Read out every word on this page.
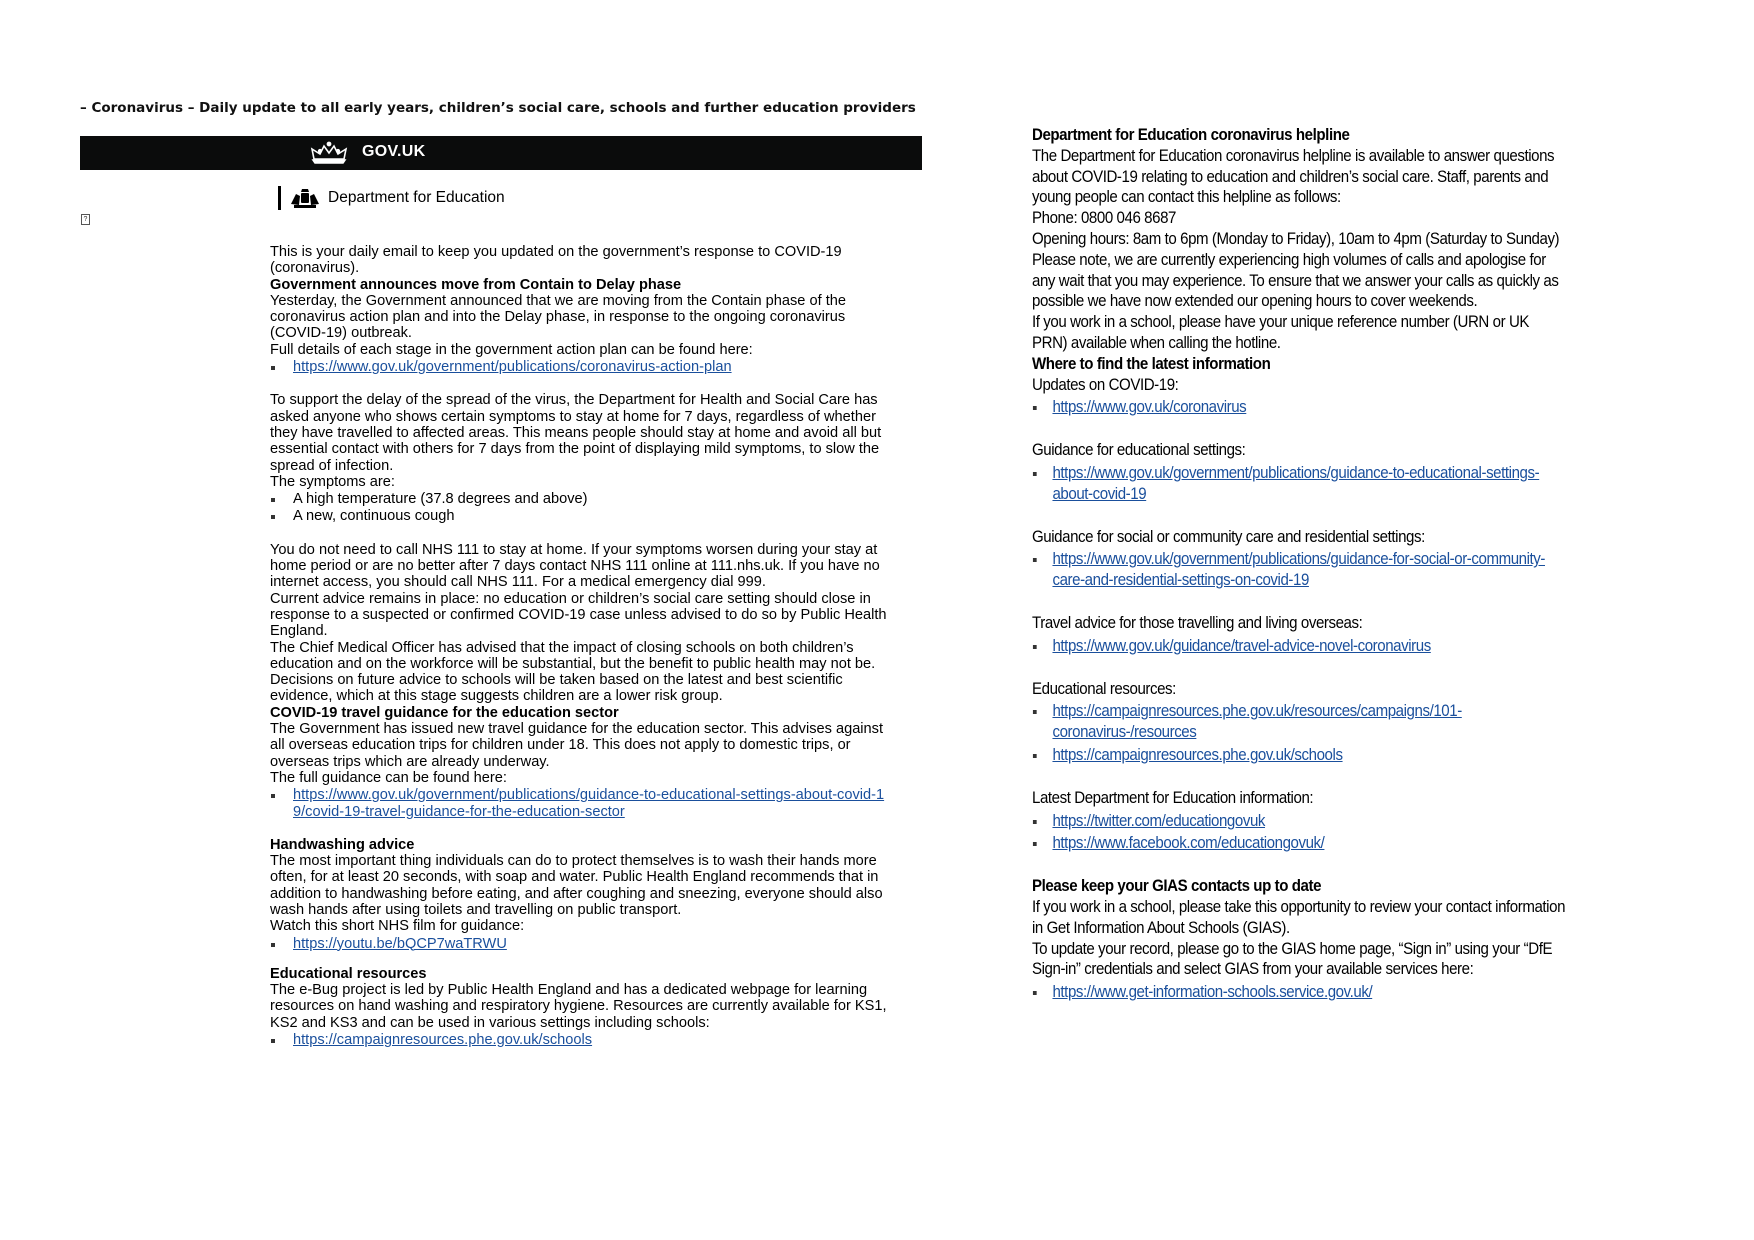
– Coronavirus – Daily update to all early years, children’s social care, schools and further education providers
GOV.UK
Department for Education
?

This is your daily email to keep you updated on the government’s response to COVID-19 (coronavirus).

Government announces move from Contain to Delay phase

Yesterday, the Government announced that we are moving from the Contain phase of the coronavirus action plan and into the Delay phase, in response to the ongoing coronavirus (COVID-19) outbreak.

Full details of each stage in the government action plan can be found here:

https://www.gov.uk/government/publications/coronavirus-action-plan

To support the delay of the spread of the virus, the Department for Health and Social Care has asked anyone who shows certain symptoms to stay at home for 7 days, regardless of whether they have travelled to affected areas. This means people should stay at home and avoid all but essential contact with others for 7 days from the point of displaying mild symptoms, to slow the spread of infection.

The symptoms are:

A high temperature (37.8 degrees and above)
A new, continuous cough

You do not need to call NHS 111 to stay at home. If your symptoms worsen during your stay at home period or are no better after 7 days contact NHS 111 online at 111.nhs.uk. If you have no internet access, you should call NHS 111. For a medical emergency dial 999.

Current advice remains in place: no education or children’s social care setting should close in response to a suspected or confirmed COVID-19 case unless advised to do so by Public Health England.

The Chief Medical Officer has advised that the impact of closing schools on both children’s education and on the workforce will be substantial, but the benefit to public health may not be. Decisions on future advice to schools will be taken based on the latest and best scientific evidence, which at this stage suggests children are a lower risk group.

COVID-19 travel guidance for the education sector

The Government has issued new travel guidance for the education sector. This advises against all overseas education trips for children under 18. This does not apply to domestic trips, or overseas trips which are already underway.

The full guidance can be found here:

https://www.gov.uk/government/publications/guidance-to-educational-settings-about-covid-19/covid-19-travel-guidance-for-the-education-sector
Handwashing advice

The most important thing individuals can do to protect themselves is to wash their hands more often, for at least 20 seconds, with soap and water. Public Health England recommends that in addition to handwashing before eating, and after coughing and sneezing, everyone should also wash hands after using toilets and travelling on public transport.

Watch this short NHS film for guidance:

https://youtu.be/bQCP7waTRWU
Educational resources

The e-Bug project is led by Public Health England and has a dedicated webpage for learning resources on hand washing and respiratory hygiene. Resources are currently available for KS1, KS2 and KS3 and can be used in various settings including schools:

https://campaignresources.phe.gov.uk/schools
Department for Education coronavirus helpline

The Department for Education coronavirus helpline is available to answer questions about COVID-19 relating to education and children’s social care. Staff, parents and young people can contact this helpline as follows:

Phone: 0800 046 8687

Opening hours: 8am to 6pm (Monday to Friday), 10am to 4pm (Saturday to Sunday)

Please note, we are currently experiencing high volumes of calls and apologise for any wait that you may experience. To ensure that we answer your calls as quickly as possible we have now extended our opening hours to cover weekends.

If you work in a school, please have your unique reference number (URN or UK PRN) available when calling the hotline.

Where to find the latest information

Updates on COVID-19:

https://www.gov.uk/coronavirus

Guidance for educational settings:

https://www.gov.uk/government/publications/guidance-to-educational-settings-about-covid-19

Guidance for social or community care and residential settings:

https://www.gov.uk/government/publications/guidance-for-social-or-community-care-and-residential-settings-on-covid-19

Travel advice for those travelling and living overseas:

https://www.gov.uk/guidance/travel-advice-novel-coronavirus

Educational resources:

https://campaignresources.phe.gov.uk/resources/campaigns/101-coronavirus-/resources
https://campaignresources.phe.gov.uk/schools

Latest Department for Education information:

https://twitter.com/educationgovuk
https://www.facebook.com/educationgovuk/
Please keep your GIAS contacts up to date

If you work in a school, please take this opportunity to review your contact information in Get Information About Schools (GIAS).

To update your record, please go to the GIAS home page, “Sign in” using your “DfE Sign-in” credentials and select GIAS from your available services here:

https://www.get-information-schools.service.gov.uk/
